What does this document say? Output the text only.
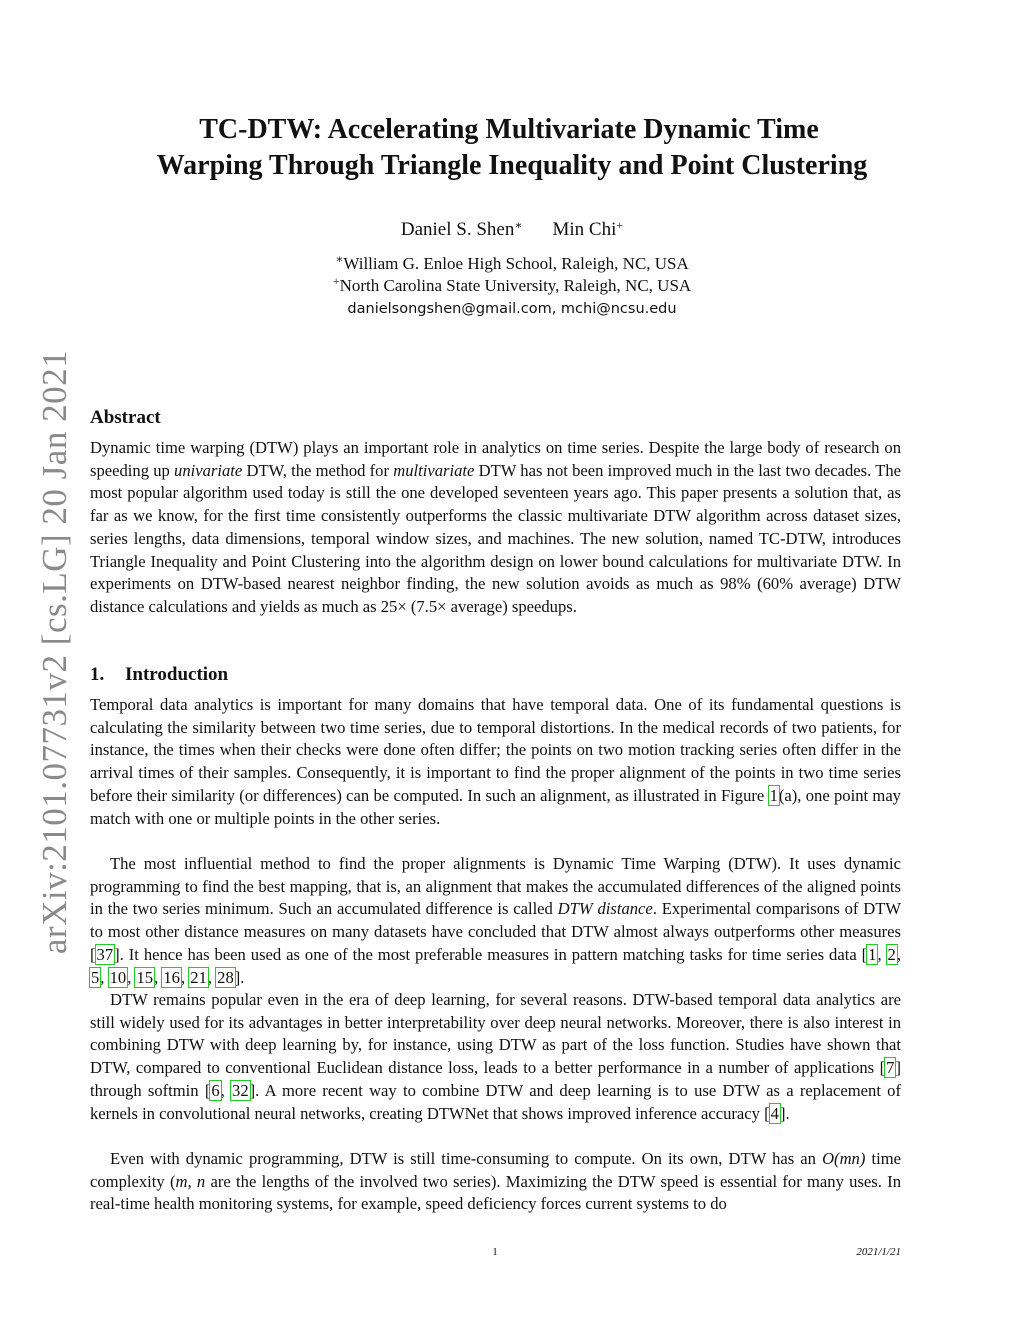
arXiv:2101.07731v2 [cs.LG] 20 Jan 2021
TC-DTW: Accelerating Multivariate Dynamic Time
Warping Through Triangle Inequality and Point Clustering
Daniel S. Shen∗ Min Chi+
∗William G. Enloe High School, Raleigh, NC, USA
+North Carolina State University, Raleigh, NC, USA
danielsongshen@gmail.com, mchi@ncsu.edu
Abstract
Dynamic time warping (DTW) plays an important role in analytics on time series. Despite the large body of research on speeding up univariate DTW, the method for multivariate DTW has not been improved much in the last two decades. The most popular algorithm used today is still the one developed seventeen years ago. This paper presents a solution that, as far as we know, for the first time consistently outperforms the classic multivariate DTW algorithm across dataset sizes, series lengths, data dimensions, temporal window sizes, and machines. The new solution, named TC-DTW, introduces Triangle Inequality and Point Clustering into the algorithm design on lower bound calculations for multivariate DTW. In experiments on DTW-based nearest neighbor finding, the new solution avoids as much as 98% (60% average) DTW distance calculations and yields as much as 25× (7.5× average) speedups.
1. Introduction
Temporal data analytics is important for many domains that have temporal data. One of its fundamental questions is calculating the similarity between two time series, due to temporal distortions. In the medical records of two patients, for instance, the times when their checks were done often differ; the points on two motion tracking series often differ in the arrival times of their samples. Consequently, it is important to find the proper alignment of the points in two time series before their similarity (or differences) can be computed. In such an alignment, as illustrated in Figure 1(a), one point may match with one or multiple points in the other series.
The most influential method to find the proper alignments is Dynamic Time Warping (DTW). It uses dynamic programming to find the best mapping, that is, an alignment that makes the accumulated differences of the aligned points in the two series minimum. Such an accumulated difference is called DTW distance. Experimental comparisons of DTW to most other distance measures on many datasets have concluded that DTW almost always outperforms other measures [37]. It hence has been used as one of the most preferable measures in pattern matching tasks for time series data [1, 2, 5, 10, 15, 16, 21, 28].
DTW remains popular even in the era of deep learning, for several reasons. DTW-based temporal data analytics are still widely used for its advantages in better interpretability over deep neural networks. Moreover, there is also interest in combining DTW with deep learning by, for instance, using DTW as part of the loss function. Studies have shown that DTW, compared to conventional Euclidean distance loss, leads to a better performance in a number of applications [7] through softmin [6, 32]. A more recent way to combine DTW and deep learning is to use DTW as a replacement of kernels in convolutional neural networks, creating DTWNet that shows improved inference accuracy [4].
Even with dynamic programming, DTW is still time-consuming to compute. On its own, DTW has an O(mn) time complexity (m, n are the lengths of the involved two series). Maximizing the DTW speed is essential for many uses. In real-time health monitoring systems, for example, speed deficiency forces current systems to do
1	2021/1/21
